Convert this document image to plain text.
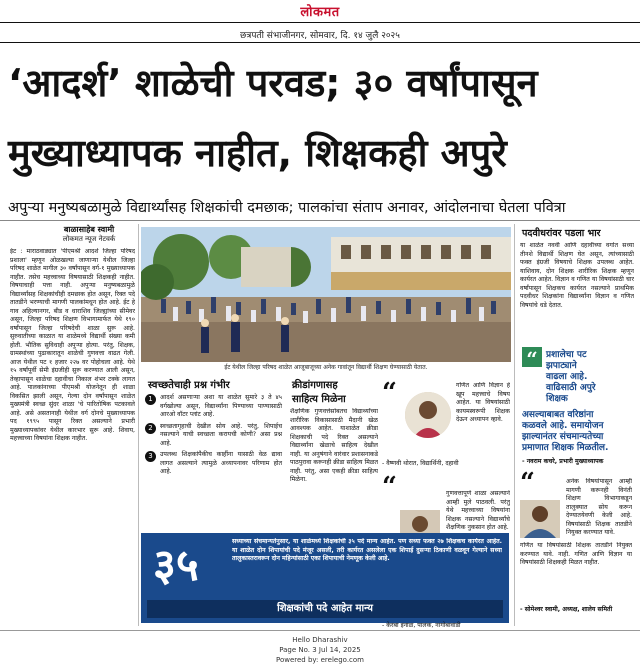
लोकमत
छत्रपती संभाजीनगर, सोमवार, दि. १४ जुलै २०२५
‘आदर्श’ शाळेची परवड; ३० वर्षांपासून
मुख्याध्यापक नाहीत, शिक्षकही अपुरे
अपुऱ्या मनुष्यबळामुळे विद्यार्थ्यांसह शिक्षकांची दमछाक; पालकांचा संताप अनावर, आंदोलनाचा घेतला पवित्रा
बाळासाहेब स्वामी
लोकमत न्यूज नेटवर्क
ईट : माराठवाड्यात 'पीएमश्री आदर्श जिल्हा परिषद प्रशाला' म्हणून ओळखल्या जाणाऱ्या येथील जिल्हा परिषद शाळेत मागील ३० वर्षांपासून वर्ग-१ मुख्याध्यापक नाहीत. तसेच महत्त्वाच्या विषयासाठी शिक्षकही नाहीत. विषयाचाही पत्ता नाही. अपुऱ्या मनुष्यबळामुळे विद्यार्थ्यांसह शिक्षकांचीही दमछाक होत असून, रिक्त पदे तातडीने भरण्याची मागणी पालकांमधून होत आहे. ईट हे गाव अहिल्यानगर, बीड व धाराशिव जिल्ह्यांच्या सीमेवर असून, जिल्हा परिषद शिक्षण विभागामार्फत येथे १९० वर्षांपासून जिल्हा परिषदेची शाळा सुरू आहे. सुरुवातीच्या काळात या शाळेमध्ये विद्यार्थी संख्या कमी होती. भौतिक सुविधाही अपुऱ्या होत्या. परंतु, शिक्षक, ग्रामस्थांच्या पुढाकारातून शाळेची गुणवत्ता वाढत गेली. आज येथील पट १ हजार २२७ वर पोहोचला आहे. येथे १५ वर्षांपूर्वी सेमी इंग्रजीही सुरू करण्यात आली असून, तेव्हापासून शाळेचा दहावीचा निकाल शंभर टक्के लागत आहे. पालकांनाच्या पीएमश्री योजनेतून ही शाळा विकसित झाली असून, गेल्या दोन वर्षांपासून शाळेत मुख्यमंत्री स्वच्छ सुंदर शाळा 'चे पारितोषिक पटकावले आहे. असे असतानाही येथील वर्ग दोनचे मुख्याध्यापक पद १९९५ पासून रिक्त असल्याने प्रभारी मुख्याध्यापकांवर येथील कारभार सुरू आहे. शिवाय, महत्त्वाच्या विषयांना शिक्षक नाहीत.
ईट येथील जिल्हा परिषद शाळेत आजूबाजूच्या अनेक गावांतून विद्यार्थी शिक्षण घेण्यासाठी येतात.
स्वच्छतेचाही प्रश्न गंभीर
1	आदर्श असणाऱ्या अशा या शाळेत सुमारे ३ ते ४५ वर्गखोल्या असून, विद्यार्थ्यांना पिण्याच्या पाण्यासाठी आरओ वॉटर प्लांट आहे.
2	स्वच्छतागृहाची देखील सोय आहे. परंतु, शिपाईच नसल्याने याची स्वच्छता करायची कोणी? असा प्रश्न आहे.
3	उपलब्ध शिक्षकांपैकीच काहींना यासाठी वेळ द्यावा लागत असल्याने त्यामुळे अध्यापनावर परिणाम होत आहे.
क्रीडांगणासह
साहित्य मिळेना
शैक्षणिक गुणवत्तेसोबतच विद्यार्थ्यांच्या शारीरिक विकासासाठी मैदानी खेळ आवश्यक आहेत. याशाळेत क्रीडा शिक्षकाची पदे रिक्त असल्याने विद्यार्थ्यांना खेळाचे साहित्य देखील नाही. या अनुषंगाने वारंवार प्रशासनाकडे पाठपुरावा करूनही क्रीडा साहित्य मिळत नाही. परंतु, असा एकही क्रीडा साहित्य मिळेना.
“	गणित आणि विज्ञान हे खूप महत्त्वाचे विषय आहेत. या विषयांसाठी कायमस्वरूपी शिक्षक देऊन अध्यापन व्हावे.
- वैष्णवी थोरात, विद्यार्थिनी, दहावी
“	गुणवत्तापूर्ण शाळा असल्याने आम्ही मुले पाठवली. परंतु येथे महत्त्वाच्या विषयांना शिक्षक नसल्याने विद्यार्थ्यांचे शैक्षणिक नुकसान होत आहे.
३५	सध्याच्या संचमान्यतेनुसार, या शाळेमध्ये शिक्षकांची ३५ पदे मान्य आहेत. पण सध्या फक्त २७ शिक्षकच कार्यरत आहेत. या शाळेत दोन शिपायांची पदे मंजूर असली, तरी कार्यरत असलेला एक शिपाई दुसऱ्या ठिकाणी वळवून गेल्याने सध्या तालुकास्तरावरून दोन महिन्यांसाठी एका शिपायाची नेमणूक केली आहे.
शिक्षकांची पदे आहेत मान्य
- केरबा इनाळ, पालक, नागोबावाडी
पदवीधरांवर पडला भार
या शाळेत नववी आणि दहावीच्या वर्गात सध्या तीनशे विद्यार्थी शिक्षण घेत असून, त्यांच्यासाठी फक्त इंग्रजी विषयाचे शिक्षक उपलब्ध आहेत. याशिवाय, दोन शिक्षक शारीरिक शिक्षक म्हणून कार्यरत आहेत. विज्ञान व गणित या विषयांसाठी चार वर्षांपासून शिक्षकच कार्यरत नसल्याने प्राथमिक पदवीधर शिक्षकांना विद्यार्थ्यांना विज्ञान व गणित विषयांचे धडे देतात.
“ प्रशालेचा पट
झपाट्याने
वाढला आहे.
वाढिसाठी अपुरे
शिक्षक
असल्याबाबत वरिष्ठांना
कळवले आहे. समायोजन
झाल्यानंतर संचमान्यतेच्या
प्रमाणात शिक्षक मिळतील.
- नवराम कचरे, प्रभारी मुख्याध्यापक
“	अनेक विषयांपासून आम्ही मागणी करूनही विनंती शिक्षण विभागाकडून तालुक्यात सोय करून देण्यातयेवणी केली आहे. विषयांसाठी शिक्षक तातडीने नियुक्त करण्यात यावे.
गणित या विषयांसाठी शिक्षक तातडीने नियुक्त करण्यात यावे. नाही. गणित आणि विज्ञान या विषयांसाठी शिक्षकही मिळत नाहीत.
- सोमेश्वर स्वामी, अध्यक्ष, शालेय समिती
Hello Dharashiv
Page No. 3 Jul 14, 2025
Powered by: erelego.com
